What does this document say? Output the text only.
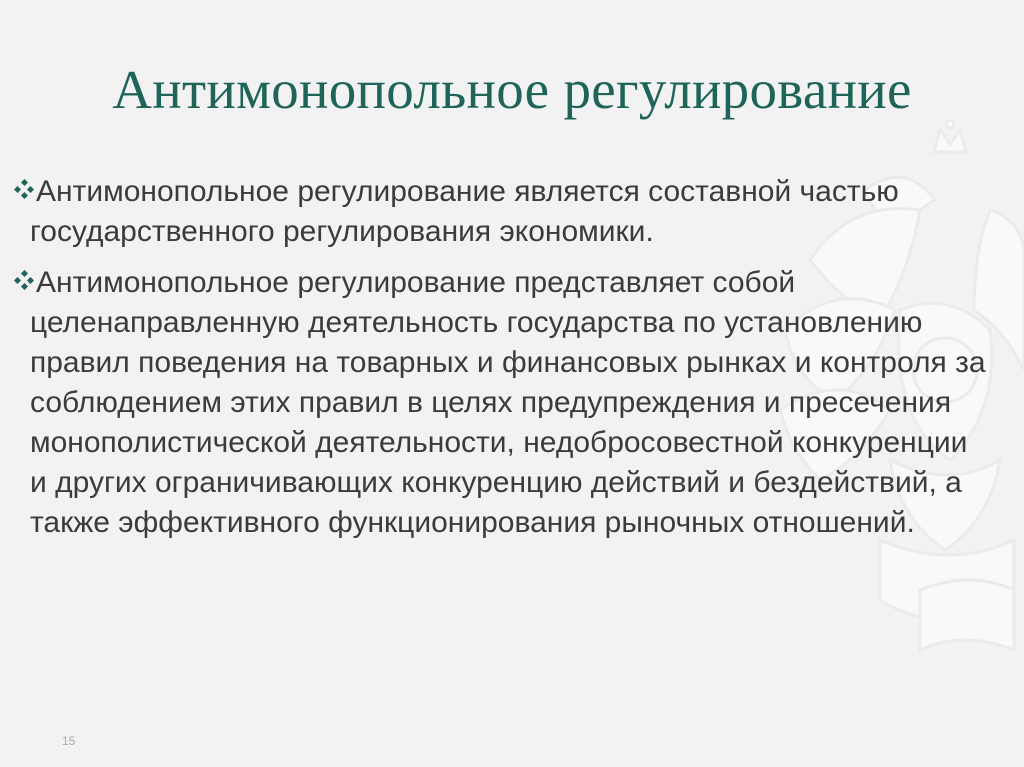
Антимонопольное регулирование
Антимонопольное регулирование является составной частью государственного регулирования экономики.
Антимонопольное регулирование представляет собой целенаправленную деятельность государства по установлению правил поведения на товарных и финансовых рынках и контроля за соблюдением этих правил в целях предупреждения и пресечения монополистической деятельности, недобросовестной конкуренции и других ограничивающих конкуренцию действий и бездействий, а также эффективного функционирования рыночных отношений.
15
